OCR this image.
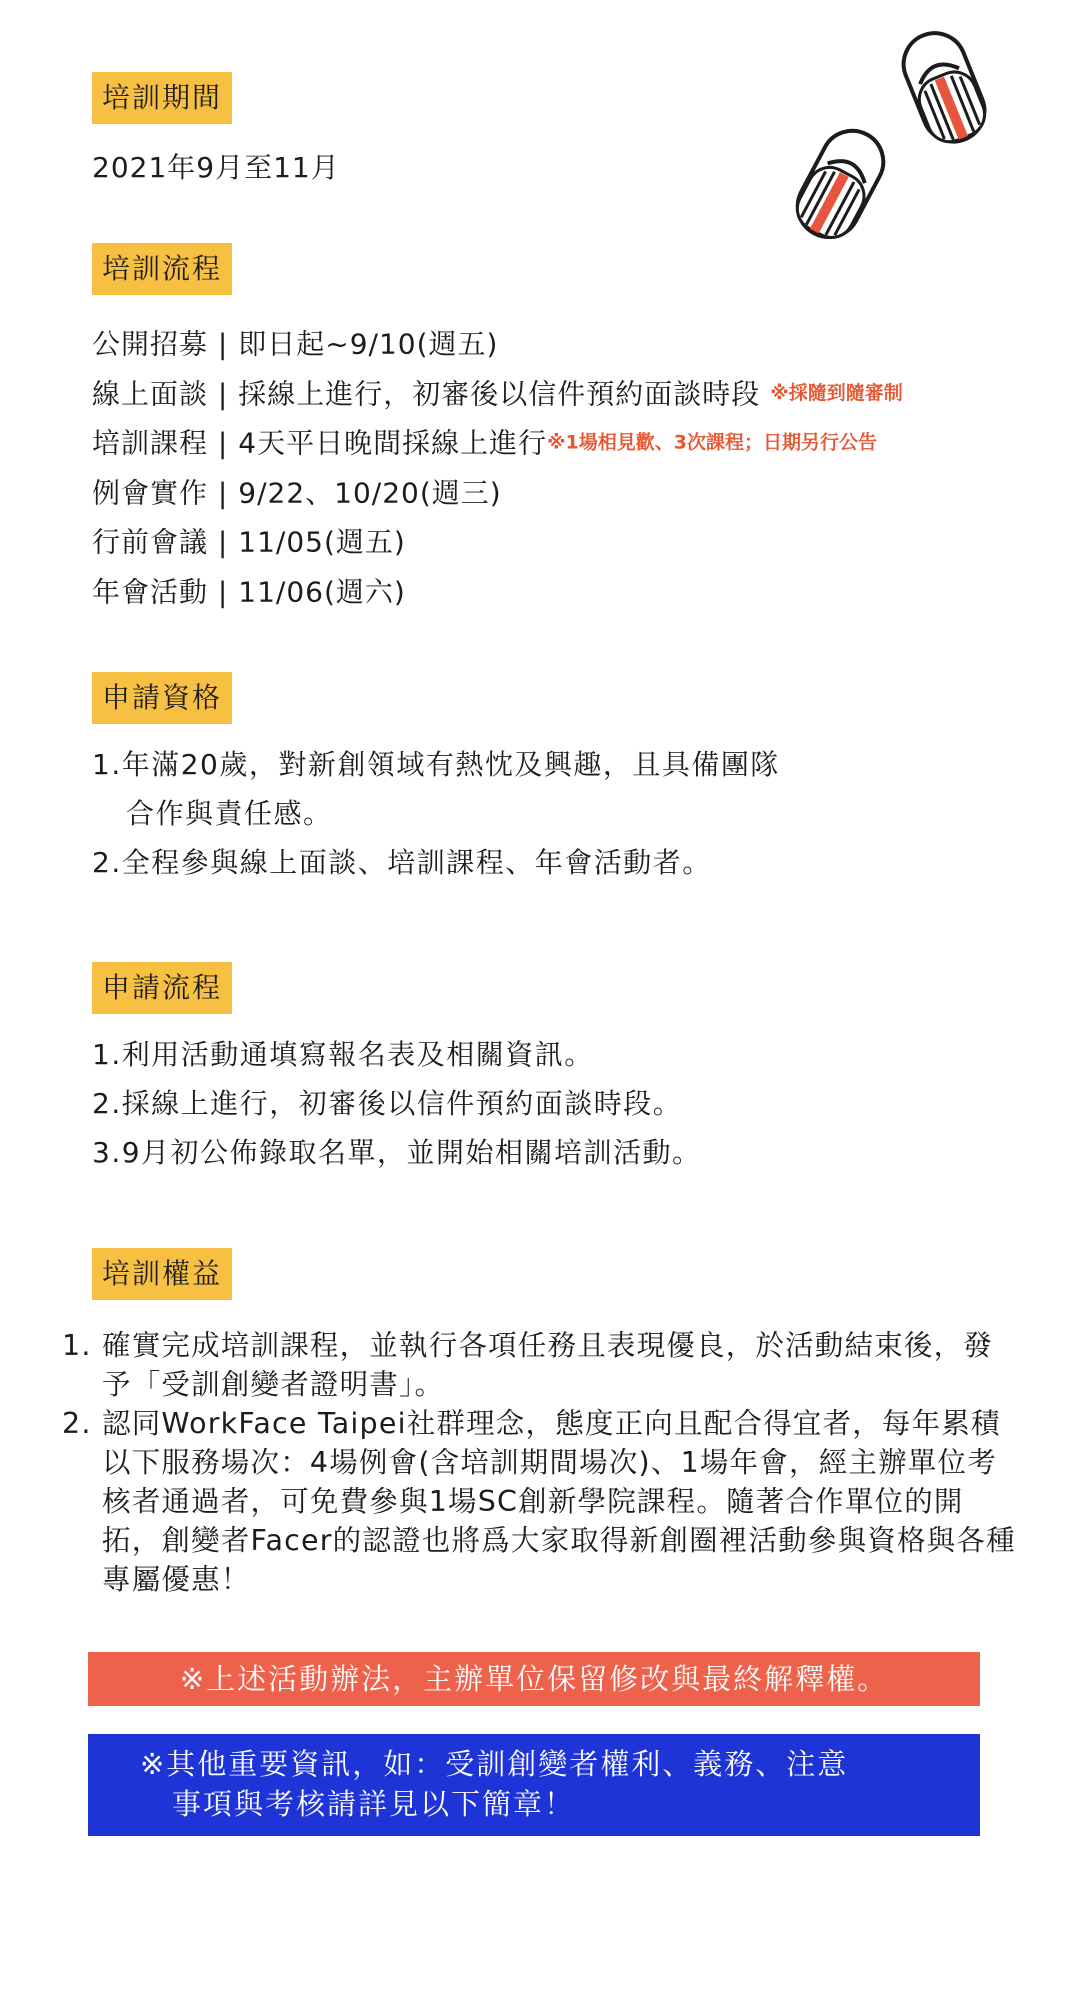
培訓期間
2021年9月至11月
培訓流程
公開招募 | 即日起~9/10(週五)
線上面談 | 採線上進行，初審後以信件預約面談時段 ※採隨到隨審制
培訓課程 | 4天平日晚間採線上進行※1場相見歡、3次課程；日期另行公告
例會實作 | 9/22、10/20(週三)
行前會議 | 11/05(週五)
年會活動 | 11/06(週六)
申請資格
1.年滿20歲，對新創領域有熱忱及興趣，且具備團隊
合作與責任感。
2.全程參與線上面談、培訓課程、年會活動者。
申請流程
1.利用活動通填寫報名表及相關資訊。
2.採線上進行，初審後以信件預約面談時段。
3.9月初公佈錄取名單，並開始相關培訓活動。
培訓權益
1. 確實完成培訓課程，並執行各項任務且表現優良，於活動結束後，發予「受訓創變者證明書」。
2. 認同WorkFace Taipei社群理念，態度正向且配合得宜者，每年累積以下服務場次：4場例會(含培訓期間場次)、1場年會，經主辦單位考核者通過者，可免費參與1場SC創新學院課程。隨著合作單位的開拓，創變者Facer的認證也將爲大家取得新創圈裡活動參與資格與各種專屬優惠！
※上述活動辦法，主辦單位保留修改與最終解釋權。
※其他重要資訊，如：受訓創變者權利、義務、注意
事項與考核請詳見以下簡章！
